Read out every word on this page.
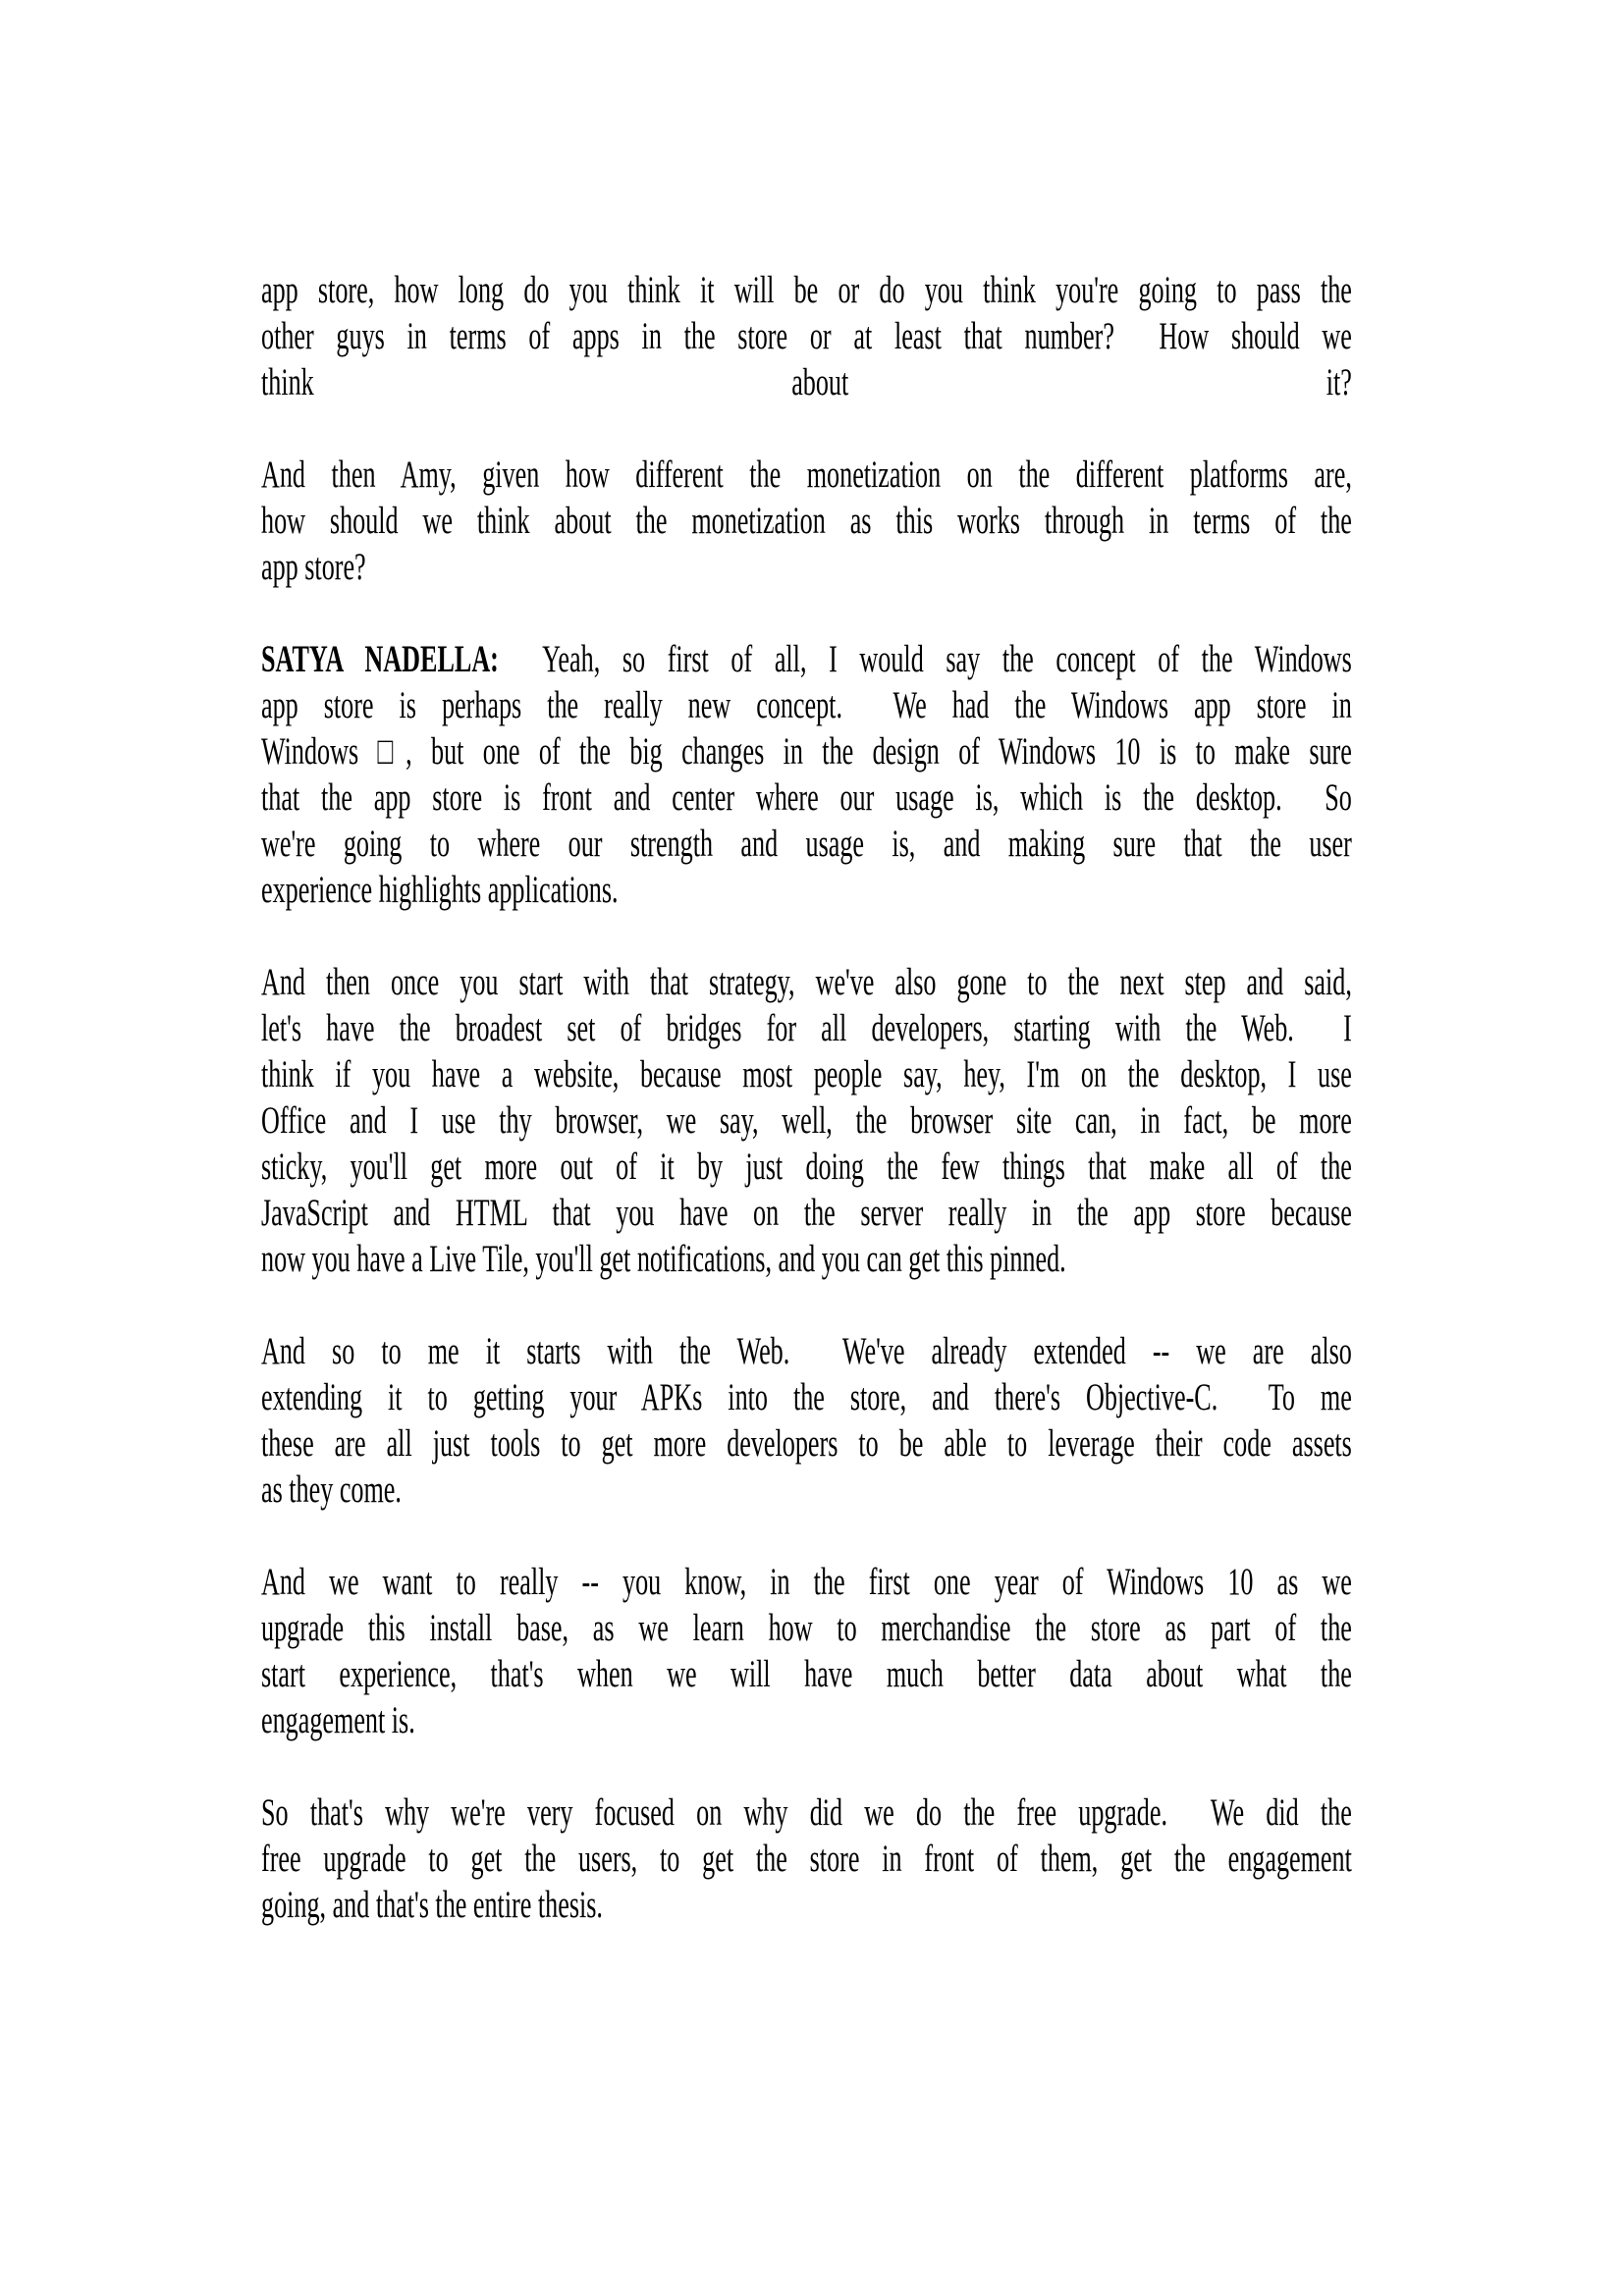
app store, how long do you think it will be or do you think you're going to pass the
other guys in terms of apps in the store or at least that number?  How should we
think about it?
And then Amy, given how different the monetization on the different platforms are,
how should we think about the monetization as this works through in terms of the
app store?
SATYA NADELLA:  Yeah, so first of all, I would say the concept of the Windows
app store is perhaps the really new concept.  We had the Windows app store in
Windows □, but one of the big changes in the design of Windows 10 is to make sure
that the app store is front and center where our usage is, which is the desktop.  So
we're going to where our strength and usage is, and making sure that the user
experience highlights applications.
And then once you start with that strategy, we've also gone to the next step and said,
let's have the broadest set of bridges for all developers, starting with the Web.  I
think if you have a website, because most people say, hey, I'm on the desktop, I use
Office and I use thy browser, we say, well, the browser site can, in fact, be more
sticky, you'll get more out of it by just doing the few things that make all of the
JavaScript and HTML that you have on the server really in the app store because
now you have a Live Tile, you'll get notifications, and you can get this pinned.
And so to me it starts with the Web.  We've already extended -- we are also
extending it to getting your APKs into the store, and there's Objective-C.  To me
these are all just tools to get more developers to be able to leverage their code assets
as they come.
And we want to really -- you know, in the first one year of Windows 10 as we
upgrade this install base, as we learn how to merchandise the store as part of the
start experience, that's when we will have much better data about what the
engagement is.
So that's why we're very focused on why did we do the free upgrade.  We did the
free upgrade to get the users, to get the store in front of them, get the engagement
going, and that's the entire thesis.
